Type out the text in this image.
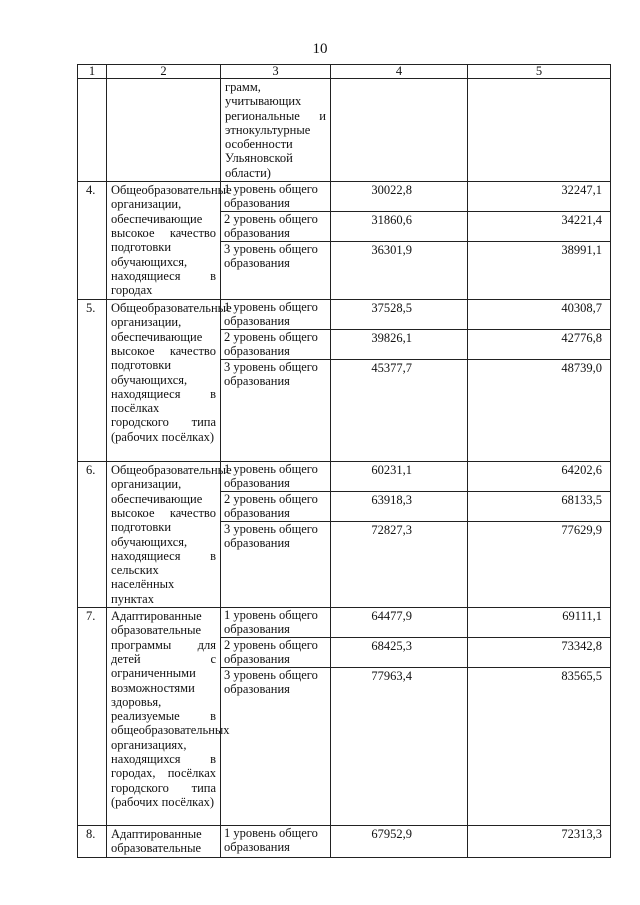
10
1	2	3	4	5
		грамм, учитывающих региональные и этнокультурные особенности Ульяновской области)		
4.	Общеобразовательные организации, обеспечивающие высокое качество подготовки обучающихся, находящиеся в городах	1 уровень общего образования	30022,8	32247,1
		2 уровень общего образования	31860,6	34221,4
		3 уровень общего образования	36301,9	38991,1
5.	Общеобразовательные организации, обеспечивающие высокое качество подготовки обучающихся, находящиеся в посёлках городского типа (рабочих посёлках)	1 уровень общего образования	37528,5	40308,7
		2 уровень общего образования	39826,1	42776,8
		3 уровень общего образования	45377,7	48739,0
6.	Общеобразовательные организации, обеспечивающие высокое качество подготовки обучающихся, находящиеся в сельских населённых пунктах	1 уровень общего образования	60231,1	64202,6
		2 уровень общего образования	63918,3	68133,5
		3 уровень общего образования	72827,3	77629,9
7.	Адаптированные образовательные программы для детей с ограниченными возможностями здоровья, реализуемые в общеобразовательных организациях, находящихся в городах, посёлках городского типа (рабочих посёлках)	1 уровень общего образования	64477,9	69111,1
		2 уровень общего образования	68425,3	73342,8
		3 уровень общего образования	77963,4	83565,5
8.	Адаптированные образовательные	1 уровень общего образования	67952,9	72313,3
